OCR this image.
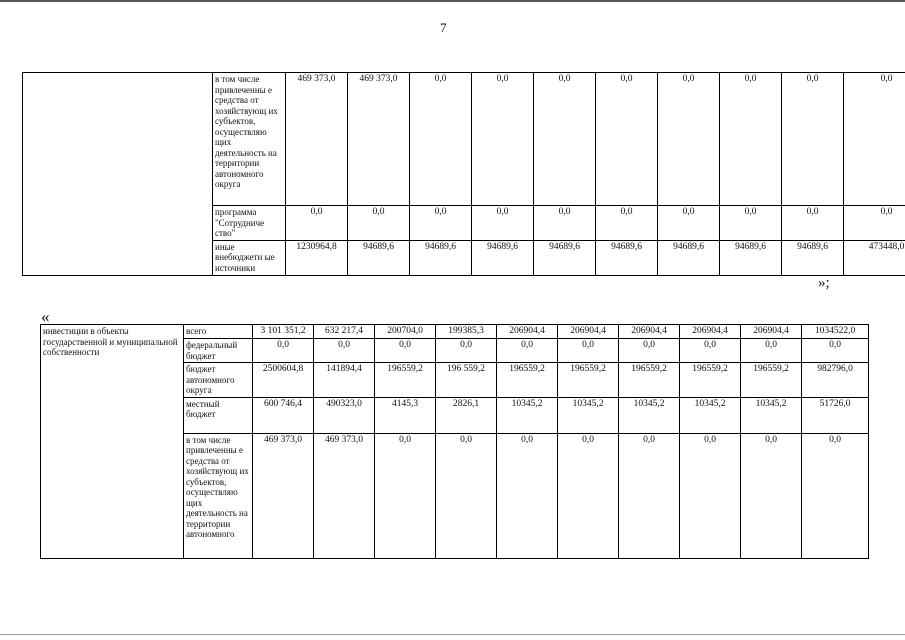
7
	в том числе привлеченны е средства от хозяйствующ их субъектов, осуществляю щих деятельность на территории автономного округа	469 373,0	469 373,0	0,0	0,0	0,0	0,0	0,0	0,0	0,0	0,0
	программа "Сотрудниче ство"	0,0	0,0	0,0	0,0	0,0	0,0	0,0	0,0	0,0	0,0
	иные внебюджетн ые источники	1230964,8	94689,6	94689,6	94689,6	94689,6	94689,6	94689,6	94689,6	94689,6	473448,0
»;
«
инвестиции в объекты государственной и муниципальной собственности	всего	3 101 351,2	632 217,4	200704,0	199385,3	206904,4	206904,4	206904,4	206904,4	206904,4	1034522,0
	федеральный бюджет	0,0	0,0	0,0	0,0	0,0	0,0	0,0	0,0	0,0	0,0
	бюджет автономного округа	2500604,8	141894,4	196559,2	196 559,2	196559,2	196559,2	196559,2	196559,2	196559,2	982796,0
	местный бюджет	600 746,4	490323,0	4145,3	2826,1	10345,2	10345,2	10345,2	10345,2	10345,2	51726,0
	в том числе привлеченны е средства от хозяйствующ их субъектов, осуществляю щих деятельность на территории автономного	469 373,0	469 373,0	0,0	0,0	0,0	0,0	0,0	0,0	0,0	0,0
